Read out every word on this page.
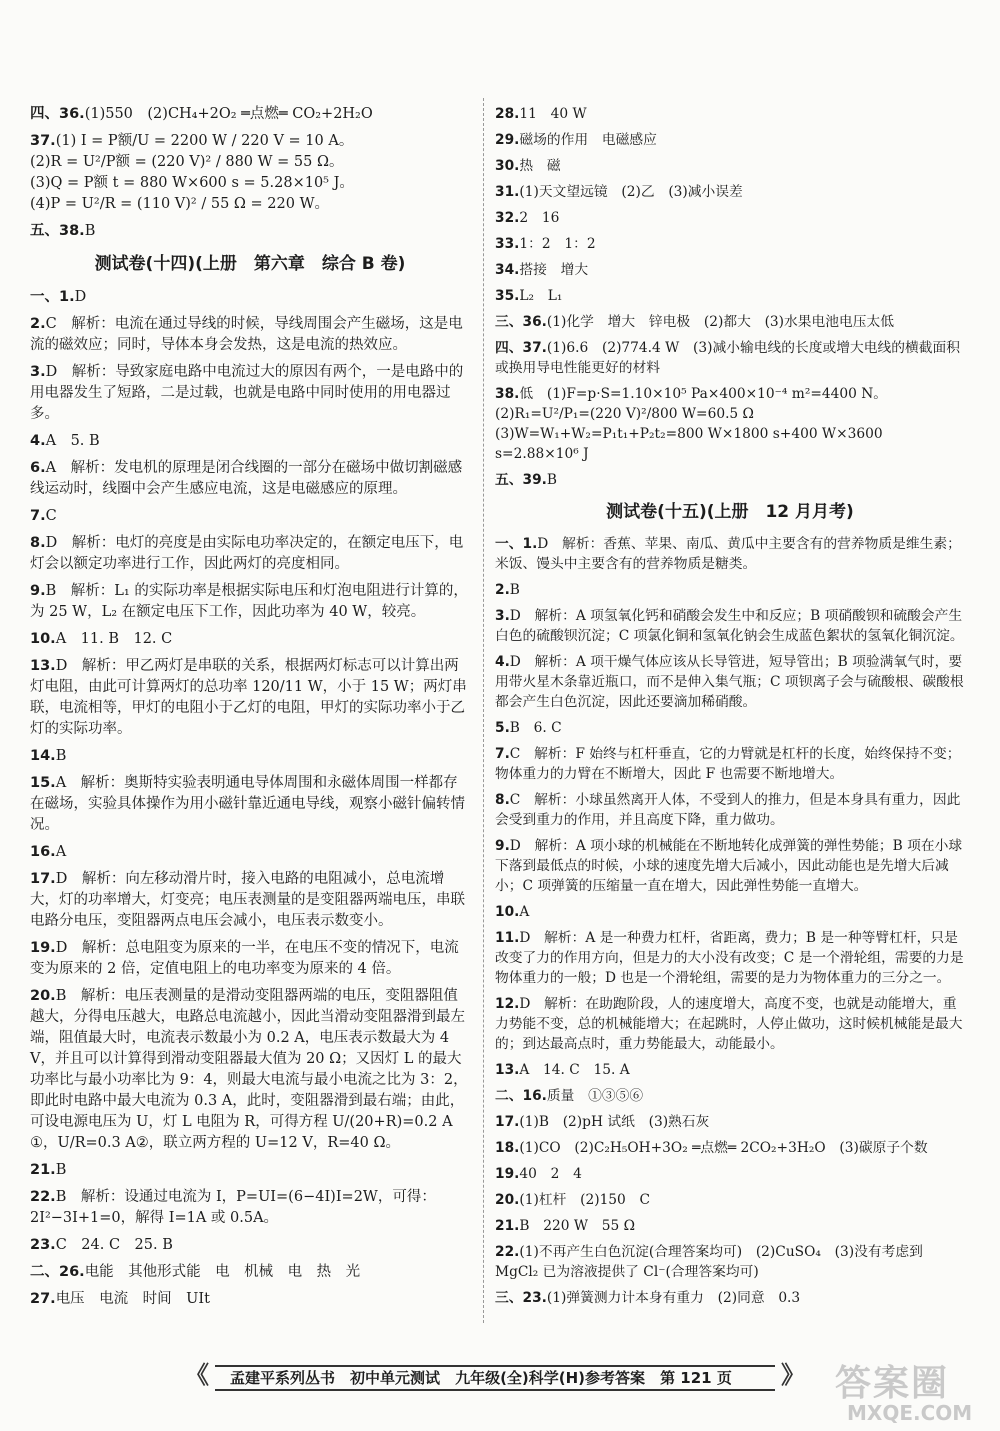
四、36.(1)550　(2)CH₄+2O₂ ═点燃═ CO₂+2H₂O
37.(1) I = P额/U = 2200 W / 220 V = 10 A。
(2)R = U²/P额 = (220 V)² / 880 W = 55 Ω。
(3)Q = P额 t = 880 W×600 s = 5.28×10⁵ J。
(4)P = U²/R = (110 V)² / 55 Ω = 220 W。
五、38.B
测试卷(十四)(上册　第六章　综合 B 卷)
一、1.D
2.C　解析：电流在通过导线的时候，导线周围会产生磁场，这是电流的磁效应；同时，导体本身会发热，这是电流的热效应。
3.D　解析：导致家庭电路中电流过大的原因有两个，一是电路中的用电器发生了短路，二是过载，也就是电路中同时使用的用电器过多。
4.A　5. B
6.A　解析：发电机的原理是闭合线圈的一部分在磁场中做切割磁感线运动时，线圈中会产生感应电流，这是电磁感应的原理。
7.C
8.D　解析：电灯的亮度是由实际电功率决定的，在额定电压下，电灯会以额定功率进行工作，因此两灯的亮度相同。
9.B　解析：L₁ 的实际功率是根据实际电压和灯泡电阻进行计算的，为 25 W，L₂ 在额定电压下工作，因此功率为 40 W，较亮。
10.A　11. B　12. C
13.D　解析：甲乙两灯是串联的关系，根据两灯标志可以计算出两灯电阻，由此可计算两灯的总功率 120/11 W，小于 15 W；两灯串联，电流相等，甲灯的电阻小于乙灯的电阻，甲灯的实际功率小于乙灯的实际功率。
14.B
15.A　解析：奥斯特实验表明通电导体周围和永磁体周围一样都存在磁场，实验具体操作为用小磁针靠近通电导线，观察小磁针偏转情况。
16.A
17.D　解析：向左移动滑片时，接入电路的电阻减小，总电流增大，灯的功率增大，灯变亮；电压表测量的是变阻器两端电压，串联电路分电压，变阻器两点电压会减小，电压表示数变小。
19.D　解析：总电阻变为原来的一半，在电压不变的情况下，电流变为原来的 2 倍，定值电阻上的电功率变为原来的 4 倍。
20.B　解析：电压表测量的是滑动变阻器两端的电压，变阻器阻值越大，分得电压越大，电路总电流越小，因此当滑动变阻器滑到最左端，阻值最大时，电流表示数最小为 0.2 A，电压表示数最大为 4 V，并且可以计算得到滑动变阻器最大值为 20 Ω；又因灯 L 的最大功率比与最小功率比为 9：4，则最大电流与最小电流之比为 3：2，即此时电路中最大电流为 0.3 A，此时，变阻器滑到最右端；由此，可设电源电压为 U，灯 L 电阻为 R，可得方程 U/(20+R)=0.2 A ①，U/R=0.3 A②，联立两方程的 U=12 V，R=40 Ω。
21.B
22.B　解析：设通过电流为 I，P=UI=(6−4I)I=2W，可得：2I²−3I+1=0，解得 I=1A 或 0.5A。
23.C　24. C　25. B
二、26.电能　其他形式能　电　机械　电　热　光
27.电压　电流　时间　UIt
28.11　40 W
29.磁场的作用　电磁感应
30.热　磁
31.(1)天文望远镜　(2)乙　(3)减小误差
32.2　16
33.1：2　1：2
34.搭接　增大
35.L₂　L₁
三、36.(1)化学　增大　锌电极　(2)都大　(3)水果电池电压太低
四、37.(1)6.6　(2)774.4 W　(3)减小输电线的长度或增大电线的横截面积或换用导电性能更好的材料
38.低　(1)F=p·S=1.10×10⁵ Pa×400×10⁻⁴ m²=4400 N。　(2)R₁=U²/P₁=(220 V)²/800 W=60.5 Ω　(3)W=W₁+W₂=P₁t₁+P₂t₂=800 W×1800 s+400 W×3600 s=2.88×10⁶ J
五、39.B
测试卷(十五)(上册　12 月月考)
一、1.D　解析：香蕉、苹果、南瓜、黄瓜中主要含有的营养物质是维生素；米饭、馒头中主要含有的营养物质是糖类。
2.B
3.D　解析：A 项氢氧化钙和硝酸会发生中和反应；B 项硝酸钡和硫酸会产生白色的硫酸钡沉淀；C 项氯化铜和氢氧化钠会生成蓝色絮状的氢氧化铜沉淀。
4.D　解析：A 项干燥气体应该从长导管进，短导管出；B 项验满氧气时，要用带火星木条靠近瓶口，而不是伸入集气瓶；C 项钡离子会与硫酸根、碳酸根都会产生白色沉淀，因此还要滴加稀硝酸。
5.B　6. C
7.C　解析：F 始终与杠杆垂直，它的力臂就是杠杆的长度，始终保持不变；物体重力的力臂在不断增大，因此 F 也需要不断地增大。
8.C　解析：小球虽然离开人体，不受到人的推力，但是本身具有重力，因此会受到重力的作用，并且高度下降，重力做功。
9.D　解析：A 项小球的机械能在不断地转化成弹簧的弹性势能；B 项在小球下落到最低点的时候，小球的速度先增大后减小，因此动能也是先增大后减小；C 项弹簧的压缩量一直在增大，因此弹性势能一直增大。
10.A
11.D　解析：A 是一种费力杠杆，省距离，费力；B 是一种等臂杠杆，只是改变了力的作用方向，但是力的大小没有改变；C 是一个滑轮组，需要的力是物体重力的一般；D 也是一个滑轮组，需要的是力为物体重力的三分之一。
12.D　解析：在助跑阶段，人的速度增大，高度不变，也就是动能增大，重力势能不变，总的机械能增大；在起跳时，人停止做功，这时候机械能是最大的；到达最高点时，重力势能最大，动能最小。
13.A　14. C　15. A
二、16.质量　①③⑤⑥
17.(1)B　(2)pH 试纸　(3)熟石灰
18.(1)CO　(2)C₂H₅OH+3O₂ ═点燃═ 2CO₂+3H₂O　(3)碳原子个数
19.40　2　4
20.(1)杠杆　(2)150　C
21.B　220 W　55 Ω
22.(1)不再产生白色沉淀(合理答案均可)　(2)CuSO₄　(3)没有考虑到 MgCl₂ 已为溶液提供了 Cl⁻(合理答案均可)
三、23.(1)弹簧测力计本身有重力　(2)同意　0.3
《 孟建平系列丛书　 初中单元测试　 九年级(全)科学(H)参考答案　 第 121 页 》 答案圈
MXQE.COM
